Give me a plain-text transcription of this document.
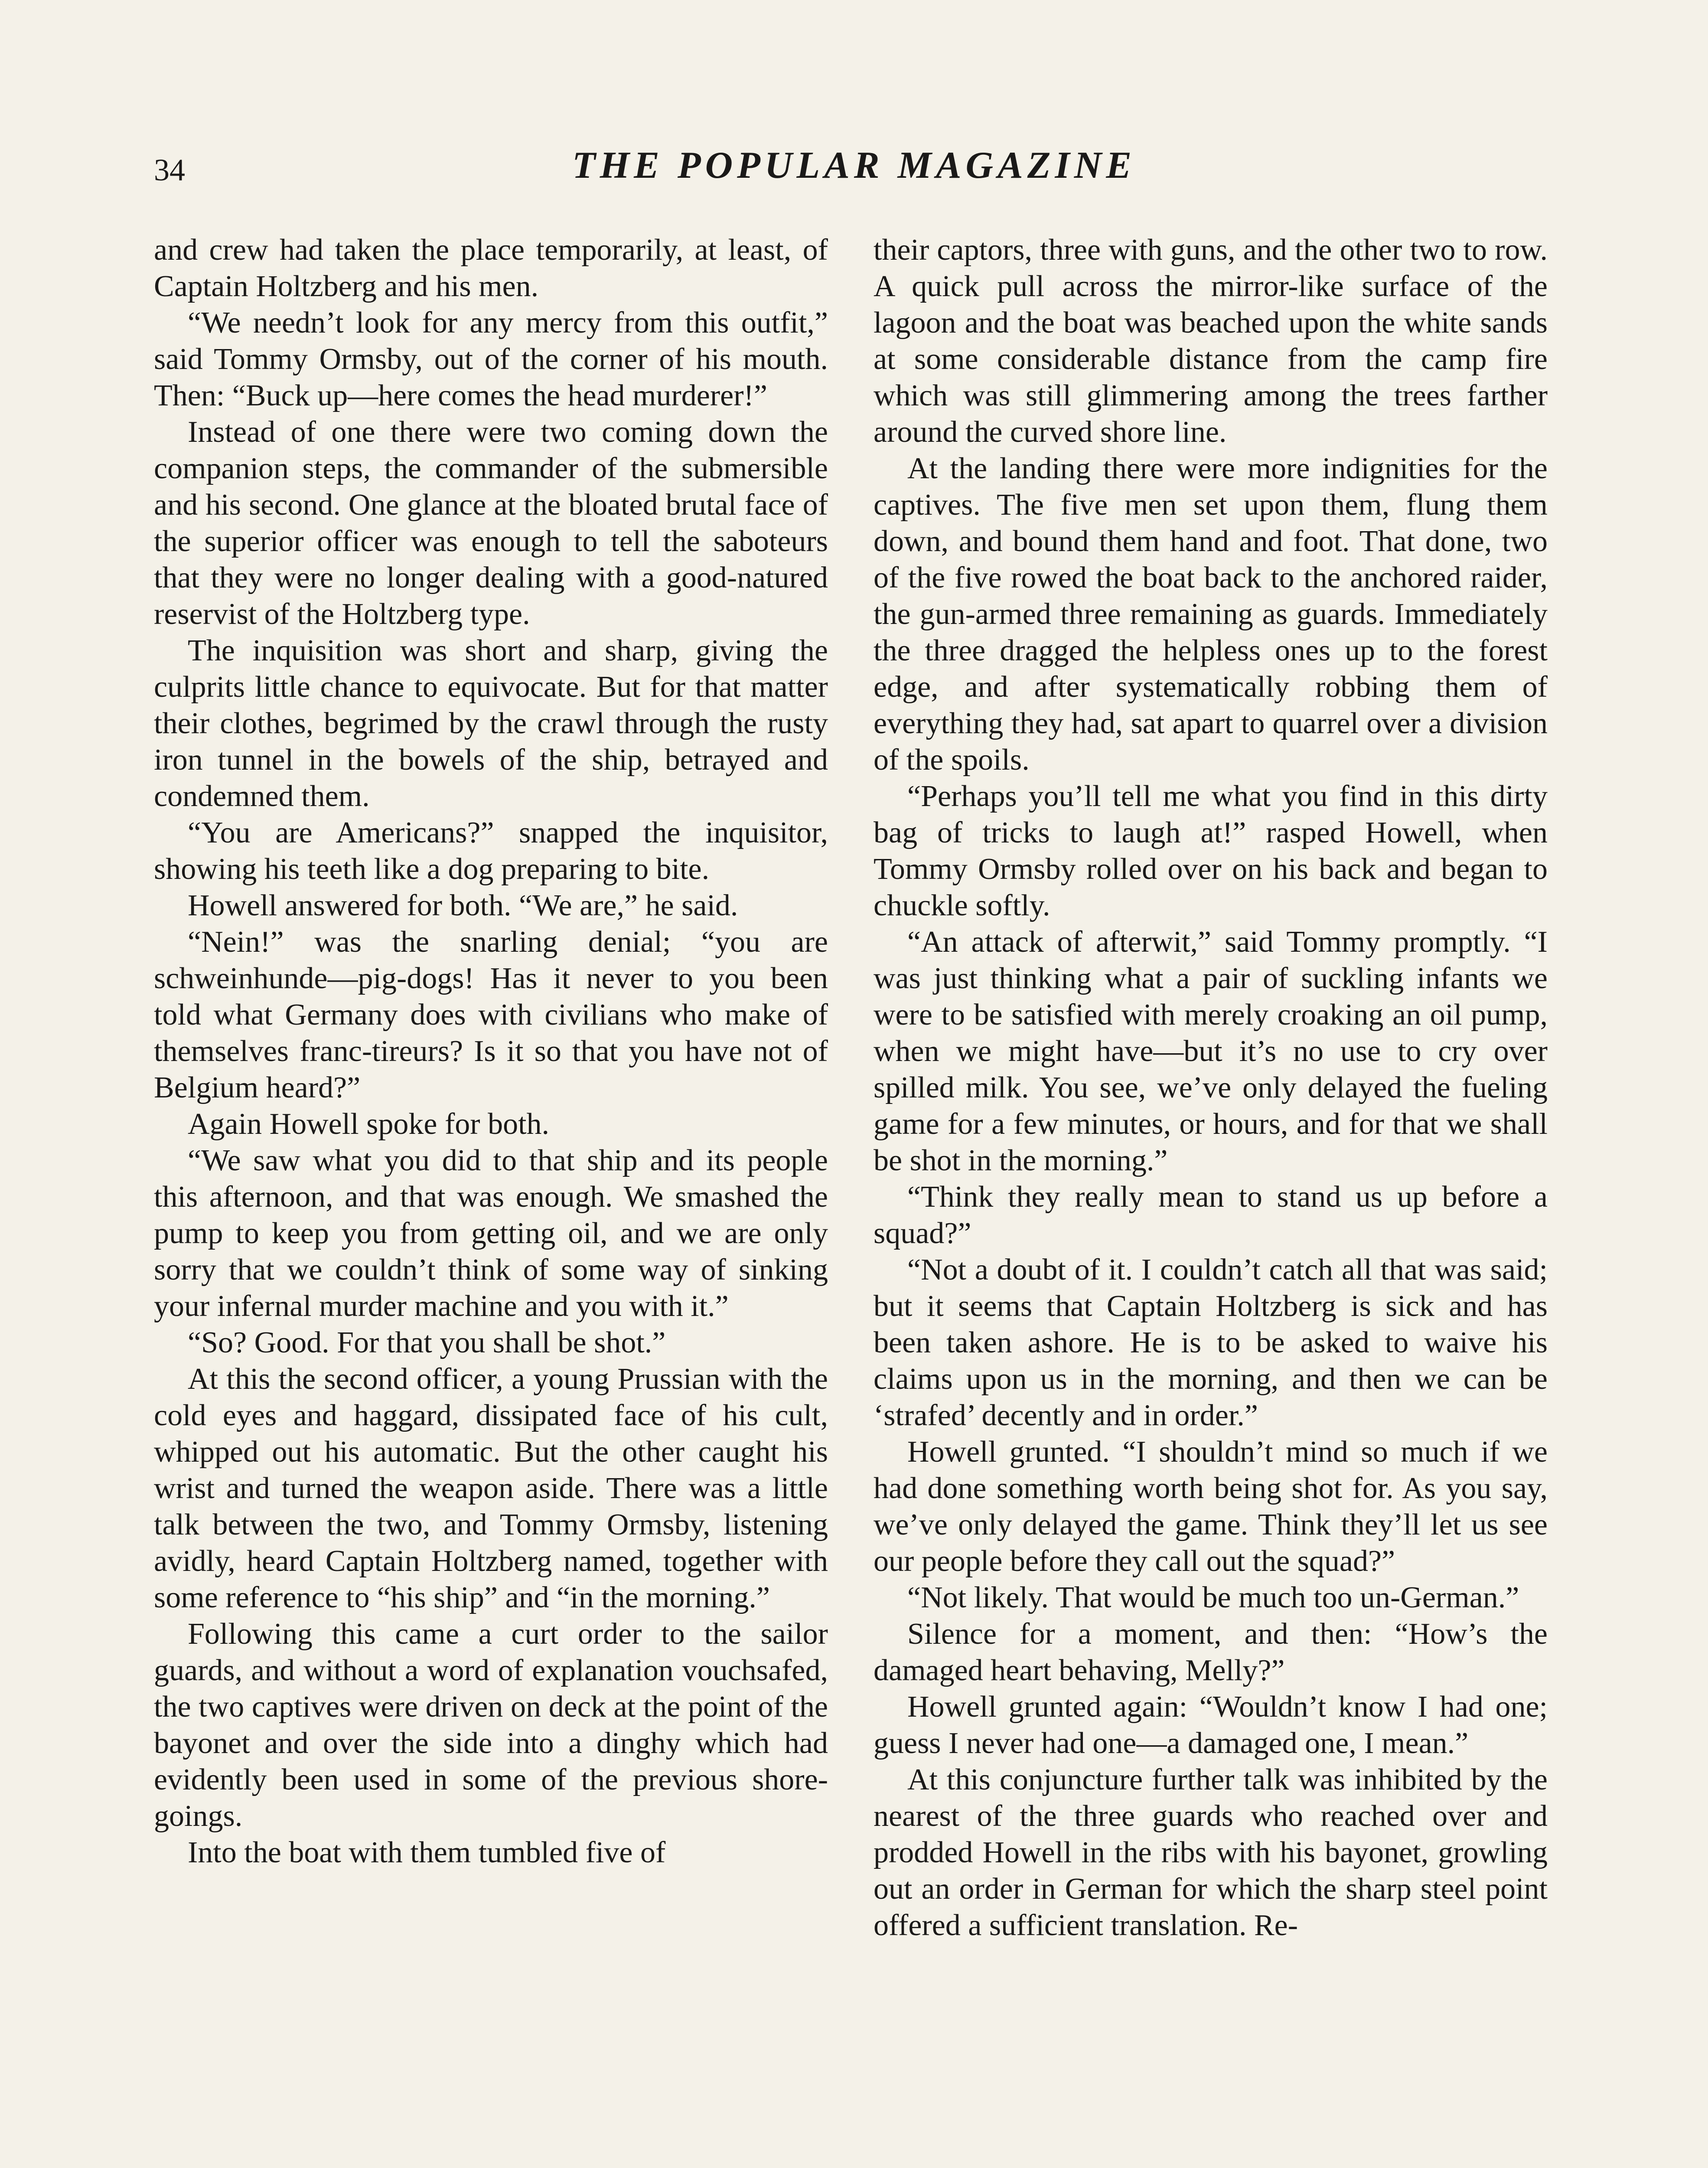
34	THE POPULAR MAGAZINE

and crew had taken the place temporarily, at least, of Captain Holtzberg and his men.

“We needn’t look for any mercy from this outfit,” said Tommy Ormsby, out of the corner of his mouth. Then: “Buck up—here comes the head murderer!”

Instead of one there were two coming down the companion steps, the commander of the submersible and his second. One glance at the bloated brutal face of the superior officer was enough to tell the saboteurs that they were no longer dealing with a good-natured reservist of the Holtzberg type.

The inquisition was short and sharp, giving the culprits little chance to equivocate. But for that matter their clothes, begrimed by the crawl through the rusty iron tunnel in the bowels of the ship, betrayed and condemned them.

“You are Americans?” snapped the inquisitor, showing his teeth like a dog preparing to bite.

Howell answered for both. “We are,” he said.

“Nein!” was the snarling denial; “you are schweinhunde—pig-dogs! Has it never to you been told what Germany does with civilians who make of themselves franc-tireurs? Is it so that you have not of Belgium heard?”

Again Howell spoke for both.

“We saw what you did to that ship and its people this afternoon, and that was enough. We smashed the pump to keep you from getting oil, and we are only sorry that we couldn’t think of some way of sinking your infernal murder machine and you with it.”

“So? Good. For that you shall be shot.”

At this the second officer, a young Prussian with the cold eyes and haggard, dissipated face of his cult, whipped out his automatic. But the other caught his wrist and turned the weapon aside. There was a little talk between the two, and Tommy Ormsby, listening avidly, heard Captain Holtzberg named, together with some reference to “his ship” and “in the morning.”

Following this came a curt order to the sailor guards, and without a word of explanation vouchsafed, the two captives were driven on deck at the point of the bayonet and over the side into a dinghy which had evidently been used in some of the previous shore-goings.

Into the boat with them tumbled five of

their captors, three with guns, and the other two to row. A quick pull across the mirror-like surface of the lagoon and the boat was beached upon the white sands at some considerable distance from the camp fire which was still glimmering among the trees farther around the curved shore line.

At the landing there were more indignities for the captives. The five men set upon them, flung them down, and bound them hand and foot. That done, two of the five rowed the boat back to the anchored raider, the gun-armed three remaining as guards. Immediately the three dragged the helpless ones up to the forest edge, and after systematically robbing them of everything they had, sat apart to quarrel over a division of the spoils.

“Perhaps you’ll tell me what you find in this dirty bag of tricks to laugh at!” rasped Howell, when Tommy Ormsby rolled over on his back and began to chuckle softly.

“An attack of afterwit,” said Tommy promptly. “I was just thinking what a pair of suckling infants we were to be satisfied with merely croaking an oil pump, when we might have—but it’s no use to cry over spilled milk. You see, we’ve only delayed the fueling game for a few minutes, or hours, and for that we shall be shot in the morning.”

“Think they really mean to stand us up before a squad?”

“Not a doubt of it. I couldn’t catch all that was said; but it seems that Captain Holtzberg is sick and has been taken ashore. He is to be asked to waive his claims upon us in the morning, and then we can be ‘strafed’ decently and in order.”

Howell grunted. “I shouldn’t mind so much if we had done something worth being shot for. As you say, we’ve only delayed the game. Think they’ll let us see our people before they call out the squad?”

“Not likely. That would be much too un-German.”

Silence for a moment, and then: “How’s the damaged heart behaving, Melly?”

Howell grunted again: “Wouldn’t know I had one; guess I never had one—a damaged one, I mean.”

At this conjuncture further talk was inhibited by the nearest of the three guards who reached over and prodded Howell in the ribs with his bayonet, growling out an order in German for which the sharp steel point offered a sufficient translation. Re-
